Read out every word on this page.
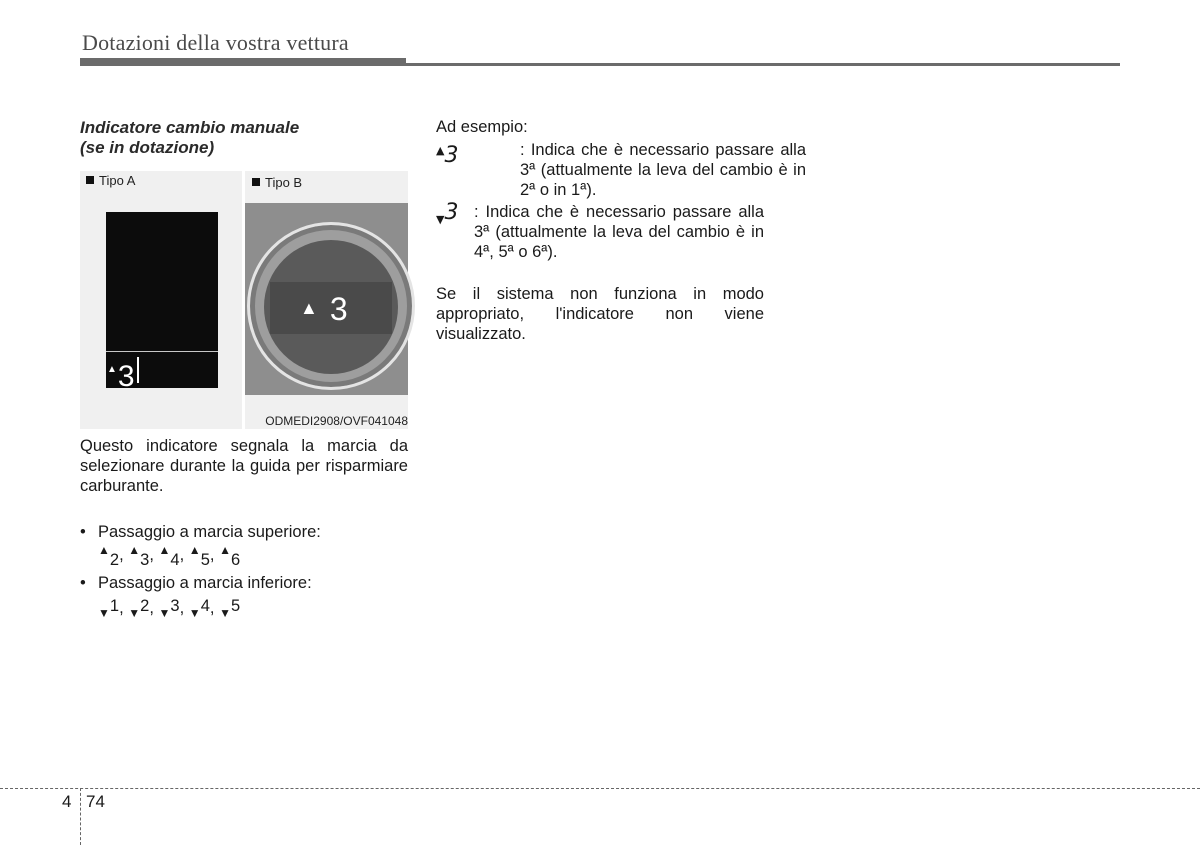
Dotazioni della vostra vettura
Indicatore cambio manuale
(se in dotazione)
Tipo A	Tipo B
▲3
▲ 3
ODMEDI2908/OVF041048
Questo indicatore segnala la marcia da selezionare durante la guida per risparmiare carburante.
• Passaggio a marcia superiore:
▲2, ▲3, ▲4, ▲5, ▲6
• Passaggio a marcia inferiore:
$_▼$1, $_▼$2, $_▼$3, $_▼$4, $_▼$5
Ad esempio:
▲3	: Indica che è necessario passare alla 3ª (attualmente la leva del cambio è in 2ª o in 1ª).
▼3 : Indica che è necessario passare alla 3ª (attualmente la leva del cambio è in 4ª, 5ª o 6ª).
Se il sistema non funziona in modo appropriato, l'indicatore non viene visualizzato.
4 74
